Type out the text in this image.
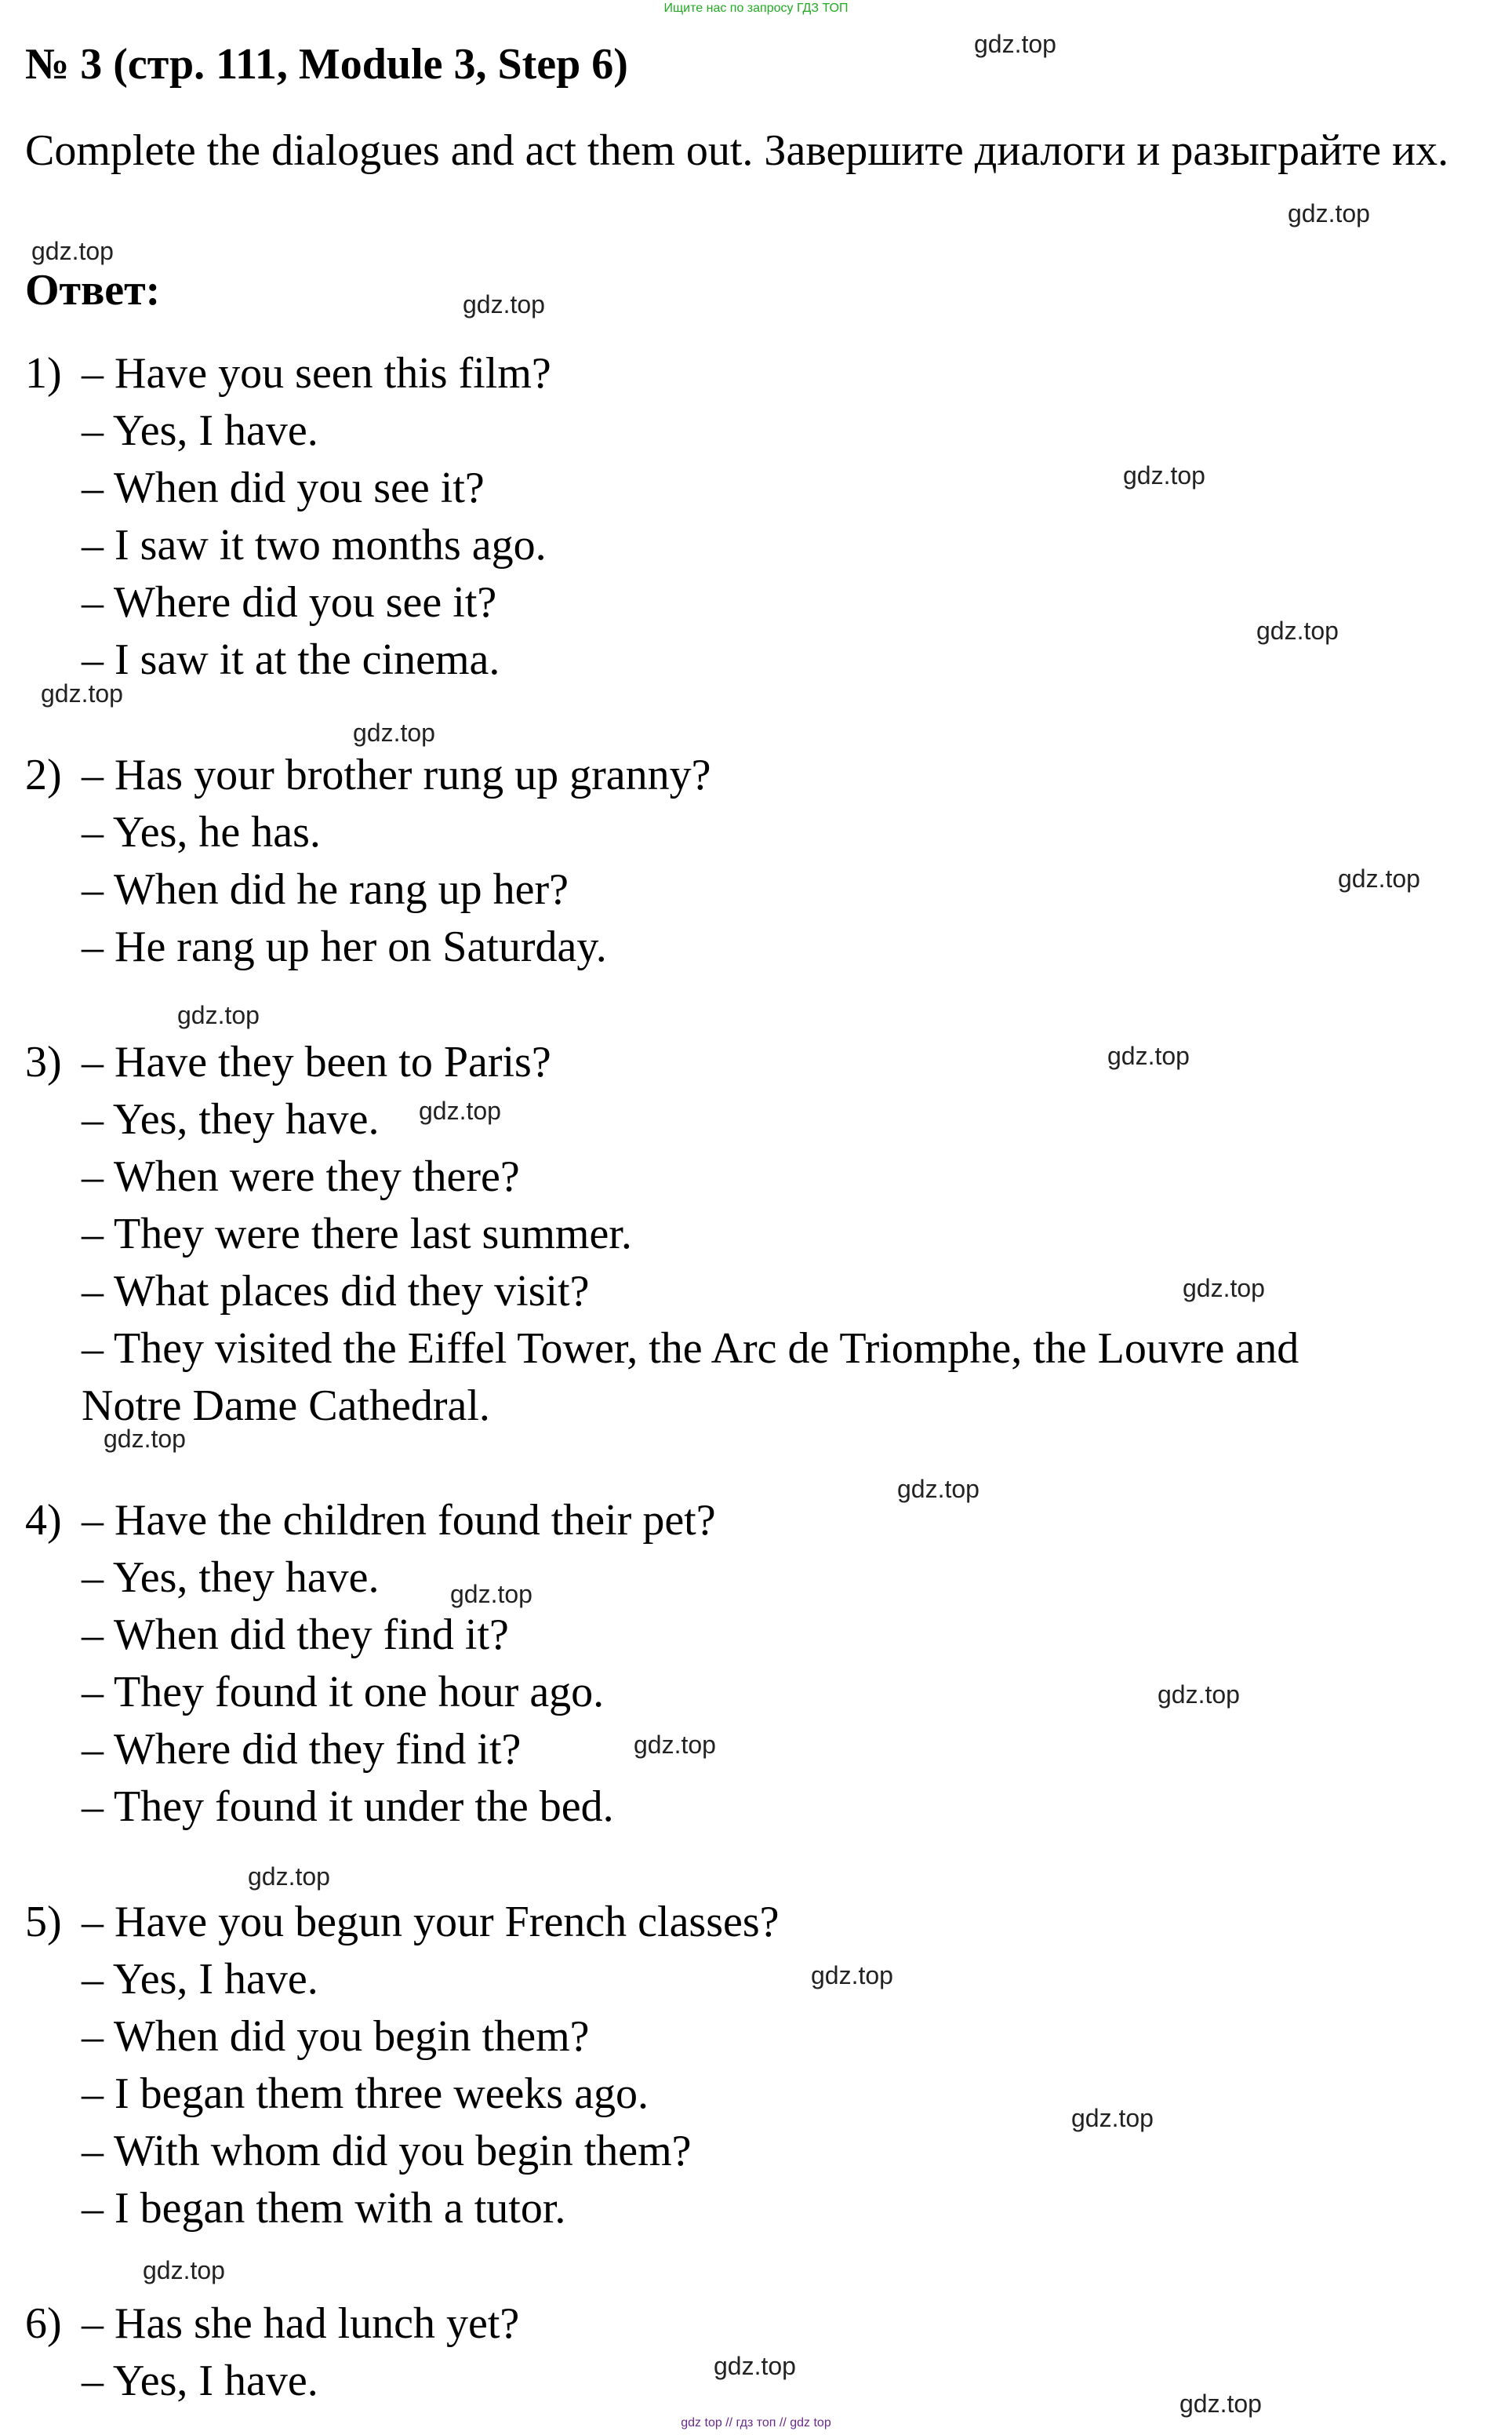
Ищите нас по запросу ГДЗ ТОП
№ 3 (стр. 111, Module 3, Step 6)
Complete the dialogues and act them out. Завершите диалоги и разыграйте их.
Ответ:
1) – Have you seen this film?
– Yes, I have.
– When did you see it?
– I saw it two months ago.
– Where did you see it?
– I saw it at the cinema.
2) – Has your brother rung up granny?
– Yes, he has.
– When did he rang up her?
– He rang up her on Saturday.
3) – Have they been to Paris?
– Yes, they have.
– When were they there?
– They were there last summer.
– What places did they visit?
– They visited the Eiffel Tower, the Arc de Triomphe, the Louvre and
Notre Dame Cathedral.
4) – Have the children found their pet?
– Yes, they have.
– When did they find it?
– They found it one hour ago.
– Where did they find it?
– They found it under the bed.
5) – Have you begun your French classes?
– Yes, I have.
– When did you begin them?
– I began them three weeks ago.
– With whom did you begin them?
– I began them with a tutor.
6) – Has she had lunch yet?
– Yes, I have.
gdz.top
gdz.top
gdz.top
gdz.top
gdz.top
gdz.top
gdz.top
gdz.top
gdz.top
gdz.top
gdz.top
gdz.top
gdz.top
gdz.top
gdz.top
gdz.top
gdz.top
gdz.top
gdz.top
gdz.top
gdz.top
gdz.top
gdz.top
gdz.top
gdz top // гдз топ // gdz top
